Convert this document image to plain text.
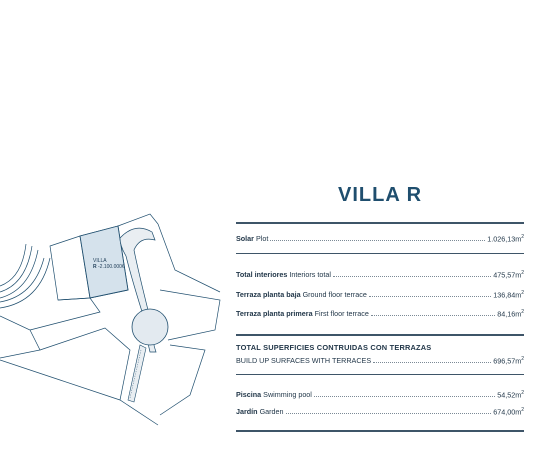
VILLA
R -2.100.000€
VILLA R
Solar Plot	$1.026,13m^2$
Total interiores Interiors total	$475,57m^2$
Terraza planta baja Ground floor terrace	$136,84m^2$
Terraza planta primera First floor terrace	$84,16m^2$
TOTAL SUPERFICIES CONTRUIDAS CON TERRAZAS
BUILD UP SURFACES WITH TERRACES	$696,57m^2$
Piscina Swimming pool	$54,52m^2$
Jardín Garden	$674,00m^2$
